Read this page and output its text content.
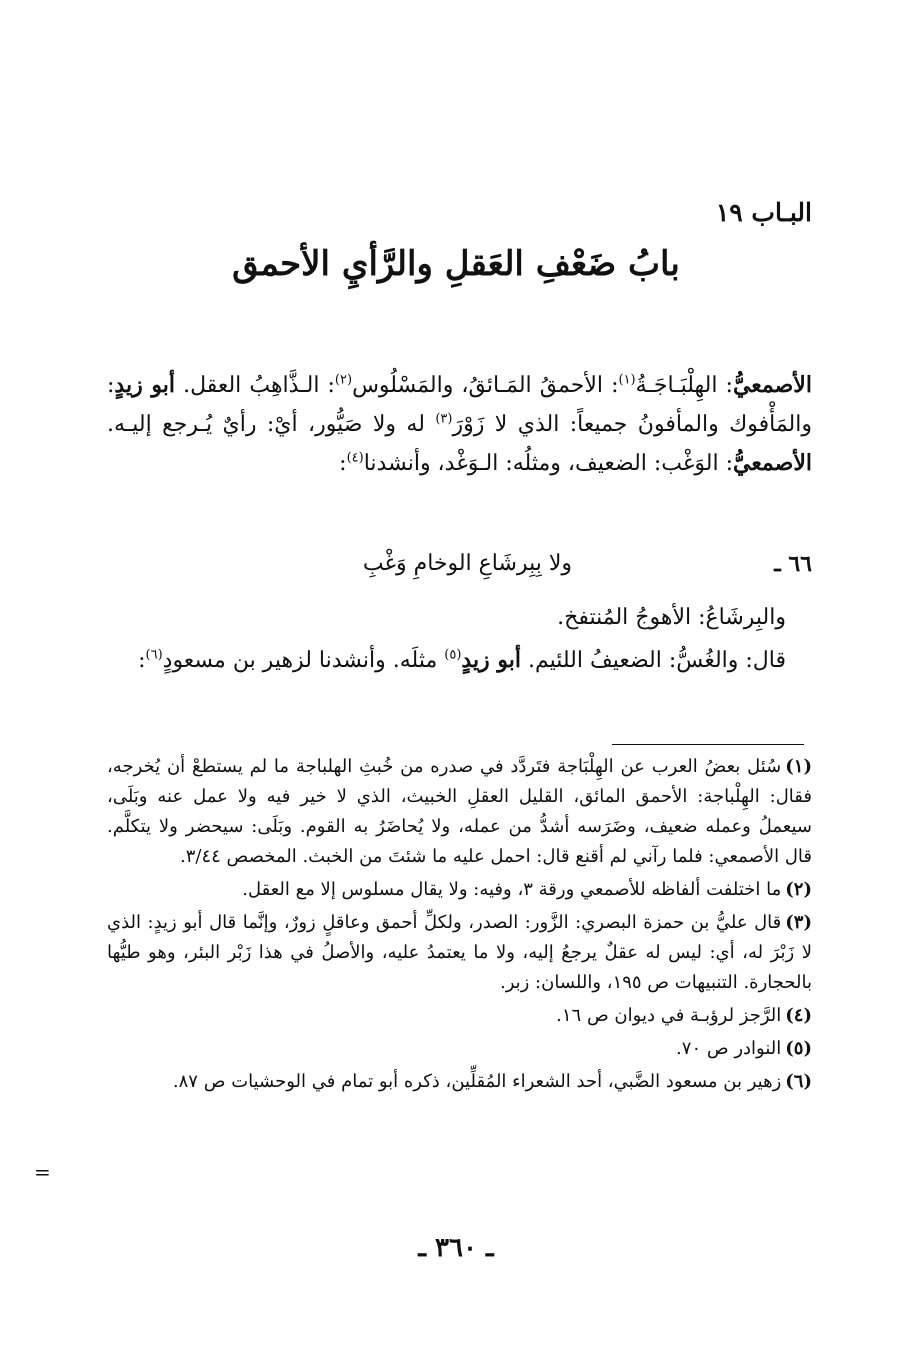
البـاب ١٩
بابُ ضَعْفِ العَقلِ والرَّأيِ الأحمق

الأصمعيُّ: الهِلْبَـاجَـةُ$^{(١)}$: الأحمقُ المَـائقُ، والمَسْلُوس$^{(٢)}$: الـذَّاهِبُ العقل. أبو زيدٍ: والمَأْفوك والمأفونُ جميعاً: الذي لا زَوْرَ$^{(٣)}$ له ولا صَيُّور، أيْ: رأيٌ يُـرجع إليـه. الأصمعيُّ: الوَغْب: الضعيف، ومثلُه: الـوَغْد، وأنشدنا$^{(٤)}$:

٦٦ ـ
ولا بِبِرشَاعِ الوخامِ وَغْبِ

والبِرشَاعُ: الأهوجُ المُنتفخ.

قال: والغُسُّ: الضعيفُ اللئيم. أبو زيدٍ$^{(٥)}$ مثلَه. وأنشدنا لزهير بن مسعودٍ$^{(٦)}$:

(١)سُئل بعضُ العرب عن الهِلْبَاجة فتَردَّد في صدره من خُبثِ الهلباجة ما لم يستطعْ أن يُخرجه، فقال: الهِلْباجة: الأحمق المائق، القليل العقلِ الخبيث، الذي لا خير فيه ولا عمل عنه وبَلَى، سيعملُ وعمله ضعيف، وضَرَسه أشدُّ من عمله، ولا يُحاضَرُ به القوم. وبَلَى: سيحضر ولا يتكلَّم. قال الأصمعي: فلما رآني لم أقنع قال: احمل عليه ما شئتَ من الخبث. المخصص ٣/٤٤.

(٢)ما اختلفت ألفاظه للأصمعي ورقة ٣، وفيه: ولا يقال مسلوس إلا مع العقل.

(٣)قال عليُّ بن حمزة البصري: الزَّور: الصدر، ولكلِّ أحمق وعاقلٍ زورٌ، وإنَّما قال أبو زيدٍ: الذي لا زَبْرَ له، أي: ليس له عقلٌ يرجعُ إليه، ولا ما يعتمدُ عليه، والأصلُ في هذا زَبْر البئر، وهو طيُّها بالحجارة. التنبيهات ص ١٩٥، واللسان: زبر.

(٤)الرَّجز لرؤبـة في ديوان ص ١٦.

(٥)النوادر ص ٧٠.

(٦)زهير بن مسعود الضَّبي، أحد الشعراء المُقلِّين، ذكره أبو تمام في الوحشيات ص ٨٧.

=
ـ ٣٦٠ ـ
